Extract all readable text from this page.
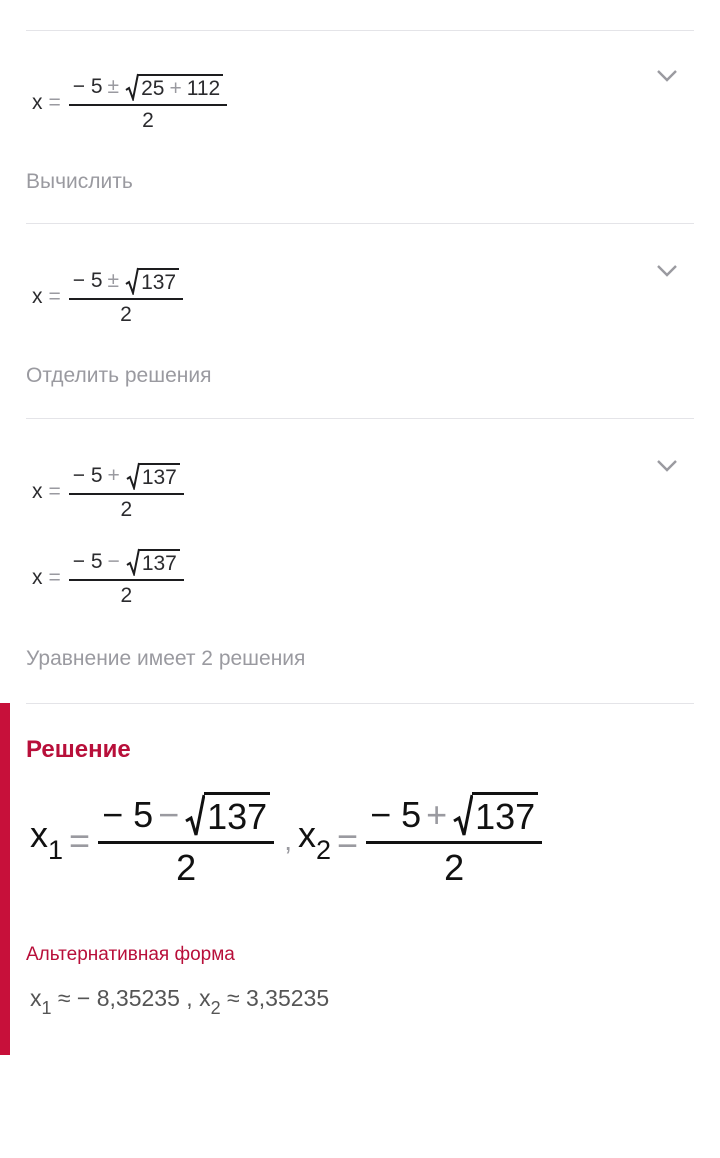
$x = \frac{- 5 \pm 25 + 112}{2}$
Вычислить
$x = \frac{- 5 \pm 137}{2}$
Отделить решения
$x = \frac{- 5 + 137}{2}$
$x = \frac{- 5 - 137}{2}$
Уравнение имеет 2 решения
Решение
$x_1 = \frac{- 5 - 137}{2}$ , $x_2 = \frac{- 5 + 137}{2}$
Альтернативная форма
$x_1$ ≈ − 8,35235 , $x_2 \approx 3,35235$
